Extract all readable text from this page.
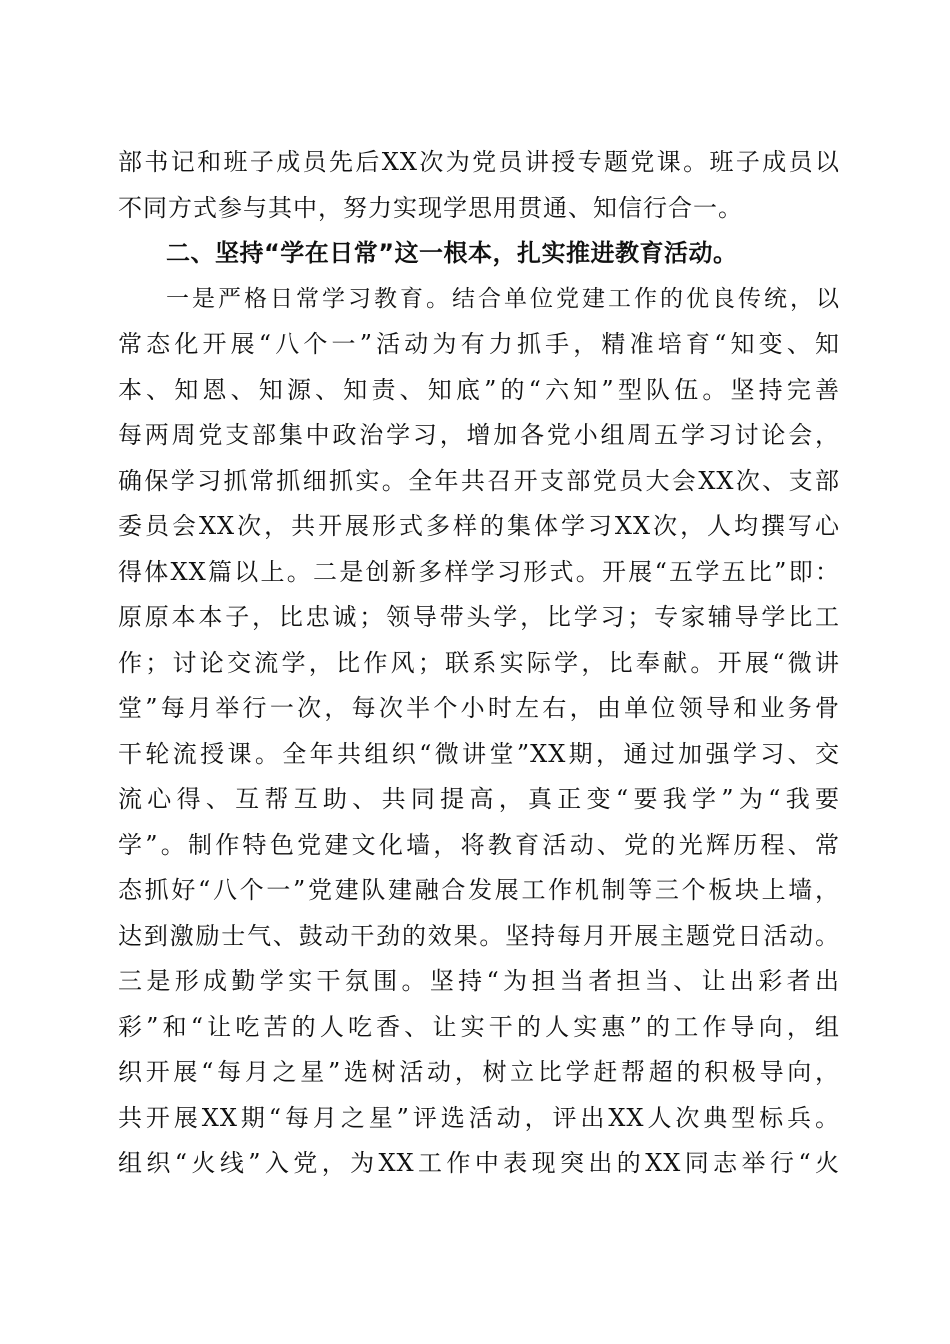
部书记和班子成员先后XX次为党员讲授专题党课。班子成员以
不同方式参与其中，努力实现学思用贯通、知信行合一。
二、坚持“学在日常”这一根本，扎实推进教育活动。
一是严格日常学习教育。结合单位党建工作的优良传统，以
常态化开展“八个一”活动为有力抓手，精准培育“知变、知
本、知恩、知源、知责、知底”的“六知”型队伍。坚持完善
每两周党支部集中政治学习，增加各党小组周五学习讨论会，
确保学习抓常抓细抓实。全年共召开支部党员大会XX次、支部
委员会XX次，共开展形式多样的集体学习XX次，人均撰写心
得体XX篇以上。二是创新多样学习形式。开展“五学五比”即：
原原本本子，比忠诚；领导带头学，比学习；专家辅导学比工
作；讨论交流学，比作风；联系实际学，比奉献。开展“微讲
堂”每月举行一次，每次半个小时左右，由单位领导和业务骨
干轮流授课。全年共组织“微讲堂”XX期，通过加强学习、交
流心得、互帮互助、共同提高，真正变“要我学”为“我要
学”。制作特色党建文化墙，将教育活动、党的光辉历程、常
态抓好“八个一”党建队建融合发展工作机制等三个板块上墙，
达到激励士气、鼓动干劲的效果。坚持每月开展主题党日活动。
三是形成勤学实干氛围。坚持“为担当者担当、让出彩者出
彩”和“让吃苦的人吃香、让实干的人实惠”的工作导向，组
织开展“每月之星”选树活动，树立比学赶帮超的积极导向，
共开展XX期“每月之星”评选活动，评出XX人次典型标兵。
组织“火线”入党，为XX工作中表现突出的XX同志举行“火
